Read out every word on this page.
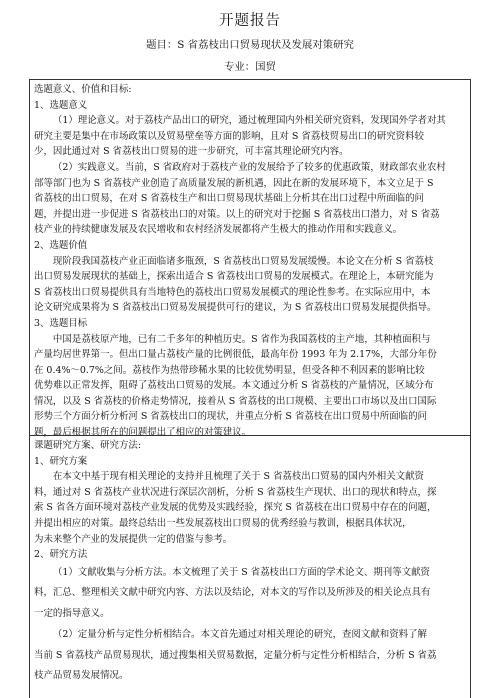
开题报告
题目：S 省荔枝出口贸易现状及发展对策研究
专业：国贸
选题意义、价值和目标:
1、选题意义
（1）理论意义。对于荔枝产品出口的研究，通过梳理国内外相关研究资料，发现国外学者对其
研究主要是集中在市场政策以及贸易壁垒等方面的影响，且对 S 省荔枝贸易出口的研究资料较
少，因此通过对 S 省荔枝出口贸易的进一步研究，可丰富其理论研究内容。
（2）实践意义。当前，S 省政府对于荔枝产业的发展给予了较多的优惠政策，财政部农业农村
部等部门也为 S 省荔枝产业创造了高质量发展的新机遇，因此在新的发展环境下，本文立足于 S
省荔枝的出口贸易，在对 S 省荔枝生产和出口贸易现状基础上分析其在出口过程中所面临的问
题，并提出进一步促进 S 省荔枝出口的对策。以上的研究对于挖掘 S 省荔枝出口潜力，对 S 省荔
枝产业的持续健康发展及农民增收和农村经济发展都将产生极大的推动作用和实践意义。
2、选题价值
现阶段我国荔枝产业正面临诸多瓶颈，S 省荔枝出口贸易发展缓慢。本论文在分析 S 省荔枝
出口贸易发展现状的基础上，探索出适合 S 省荔枝出口贸易的发展模式。在理论上，本研究能为
S 省荔枝出口贸易提供具有当地特色的荔枝出口贸易发展模式的理论性参考。在实际应用中，本
论文研究成果将为 S 省荔枝出口贸易发展提供可行的建议，为 S 省荔枝出口贸易发展提供指导。
3、选题目标
中国是荔枝原产地，已有二千多年的种植历史。S 省作为我国荔枝的主产地，其种植面积与
产量均居世界第一。但出口量占荔枝产量的比例很低，最高年份 1993 年为 2.17%，大部分年份
在 0.4%～0.7%之间。荔枝作为热带珍稀水果的比较优势明显，但受各种不利因素的影响比较
优势难以正常发挥，阻碍了荔枝出口贸易的发展。本文通过分析 S 省荔枝的产量情况，区域分布
情况，以及 S 省荔枝的价格走势情况，接着从 S 省荔枝的出口规模、主要出口市场以及出口国际
形势三个方面分析分析河 S 省荔枝出口的现状，并重点分析 S 省荔枝在出口贸易中所面临的问
题，最后根据其所在的问题提出了相应的对策建议。
课题研究方案、研究方法:
1、研究方案
在本文中基于现有相关理论的支持并且梳理了关于 S 省荔枝出口贸易的国内外相关文献资
料，通过对 S 省荔枝产业状况进行深层次剖析，分析 S 省荔枝生产现状、出口的现状和特点，探
索 S 省各方面环境对荔枝产业发展的优势及实践经验，探究 S 省荔枝在出口贸易中存在的问题，
并提出相应的对策。最终总结出一些发展荔枝出口贸易的优秀经验与教训，根据具体状况，
为未来整个产业的发展提供一定的借鉴与参考。
2、研究方法
（1）文献收集与分析方法。本文梳理了关于 S 省荔枝出口方面的学术论文、期刊等文献资
料，汇总、整理相关文献中研究内容、方法以及结论，对本文的写作以及所涉及的相关论点具有
一定的指导意义。
（2）定量分析与定性分析相结合。本文首先通过对相关理论的研究，查阅文献和资料了解
当前 S 省荔枝产品贸易现状，通过搜集相关贸易数据，定量分析与定性分析相结合，分析 S 省荔
枝产品贸易发展情况。
